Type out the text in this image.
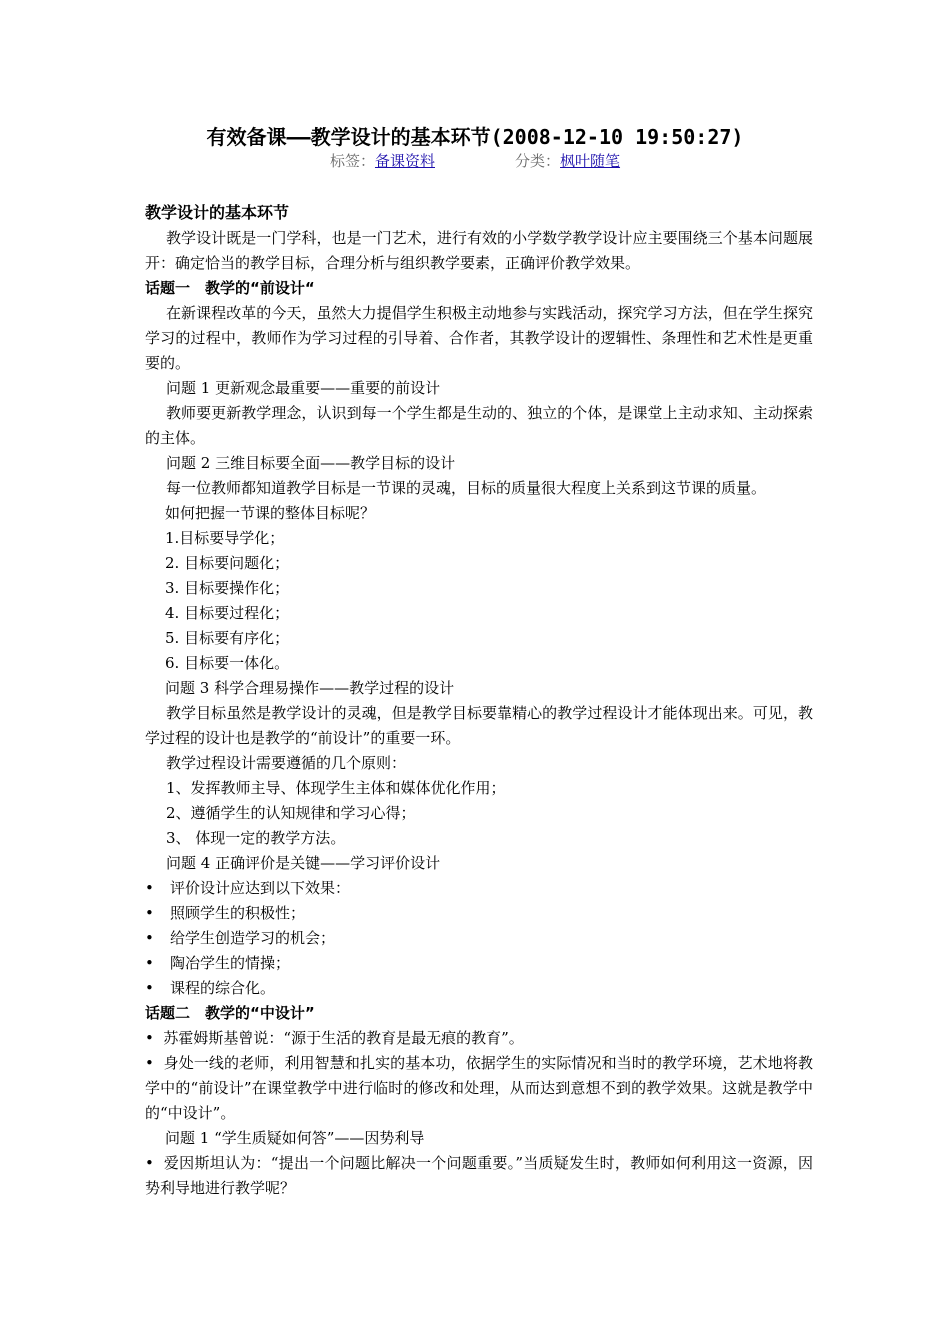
有效备课——教学设计的基本环节(2008-12-10 19:50:27)
标签：备课资料	分类：枫叶随笔
教学设计的基本环节

教学设计既是一门学科，也是一门艺术，进行有效的小学数学教学设计应主要围绕三个基本问题展开：确定恰当的教学目标，合理分析与组织教学要素，正确评价教学效果。

话题一　教学的“前设计“

在新课程改革的今天，虽然大力提倡学生积极主动地参与实践活动，探究学习方法，但在学生探究学习的过程中，教师作为学习过程的引导着、合作者，其教学设计的逻辑性、条理性和艺术性是更重要的。

问题 1 更新观念最重要——重要的前设计

教师要更新教学理念，认识到每一个学生都是生动的、独立的个体，是课堂上主动求知、主动探索的主体。

问题 2 三维目标要全面——教学目标的设计

每一位教师都知道教学目标是一节课的灵魂，目标的质量很大程度上关系到这节课的质量。

如何把握一节课的整体目标呢？

1.目标要导学化；

2. 目标要问题化；

3. 目标要操作化；

4. 目标要过程化；

5. 目标要有序化；

6. 目标要一体化。

问题 3 科学合理易操作——教学过程的设计

教学目标虽然是教学设计的灵魂，但是教学目标要靠精心的教学过程设计才能体现出来。可见，教学过程的设计也是教学的“前设计”的重要一环。

教学过程设计需要遵循的几个原则：

1、发挥教师主导、体现学生主体和媒体优化作用；

2、遵循学生的认知规律和学习心得；

3、 体现一定的教学方法。

问题 4 正确评价是关键——学习评价设计

•	评价设计应达到以下效果：
•	照顾学生的积极性；
•	给学生创造学习的机会；
•	陶冶学生的情操；
•	课程的综合化。
话题二　教学的“中设计”

• 苏霍姆斯基曾说：“源于生活的教育是最无痕的教育”。

• 身处一线的老师，利用智慧和扎实的基本功，依据学生的实际情况和当时的教学环境，艺术地将教学中的“前设计”在课堂教学中进行临时的修改和处理，从而达到意想不到的教学效果。这就是教学中的“中设计”。

问题 1 “学生质疑如何答”——因势利导

• 爱因斯坦认为：“提出一个问题比解决一个问题重要。”当质疑发生时，教师如何利用这一资源，因势利导地进行教学呢？
